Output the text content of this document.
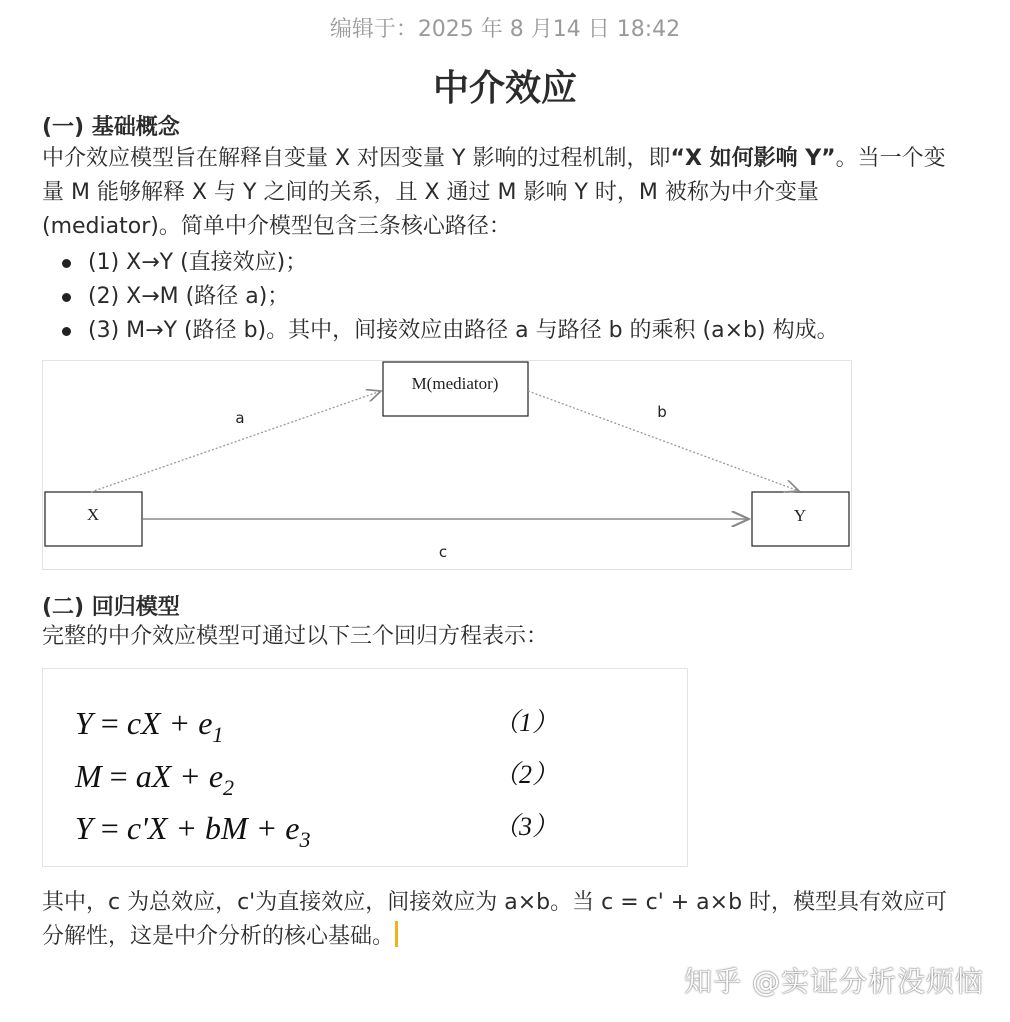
编辑于：2025 年 8 月14 日 18:42
中介效应
(一) 基础概念
中介效应模型旨在解释自变量 X 对因变量 Y 影响的过程机制，即“X 如何影响 Y”。当一个变量 M 能够解释 X 与 Y 之间的关系，且 X 通过 M 影响 Y 时，M 被称为中介变量 (mediator)。简单中介模型包含三条核心路径：
(1) X→Y (直接效应)；
(2) X→M (路径 a)；
(3) M→Y (路径 b)。其中，间接效应由路径 a 与路径 b 的乘积 (a×b) 构成。
M(mediator)
X	Y
a	b
c
(二) 回归模型
完整的中介效应模型可通过以下三个回归方程表示：
Y = cX + $e_1$	（1）
M = aX + $e_2$	（2）
Y = c'X + bM + $e_3$	（3）
其中，c 为总效应，c'为直接效应，间接效应为 a×b。当 c = c' + a×b 时，模型具有效应可分解性，这是中介分析的核心基础。
知乎 @实证分析没烦恼
